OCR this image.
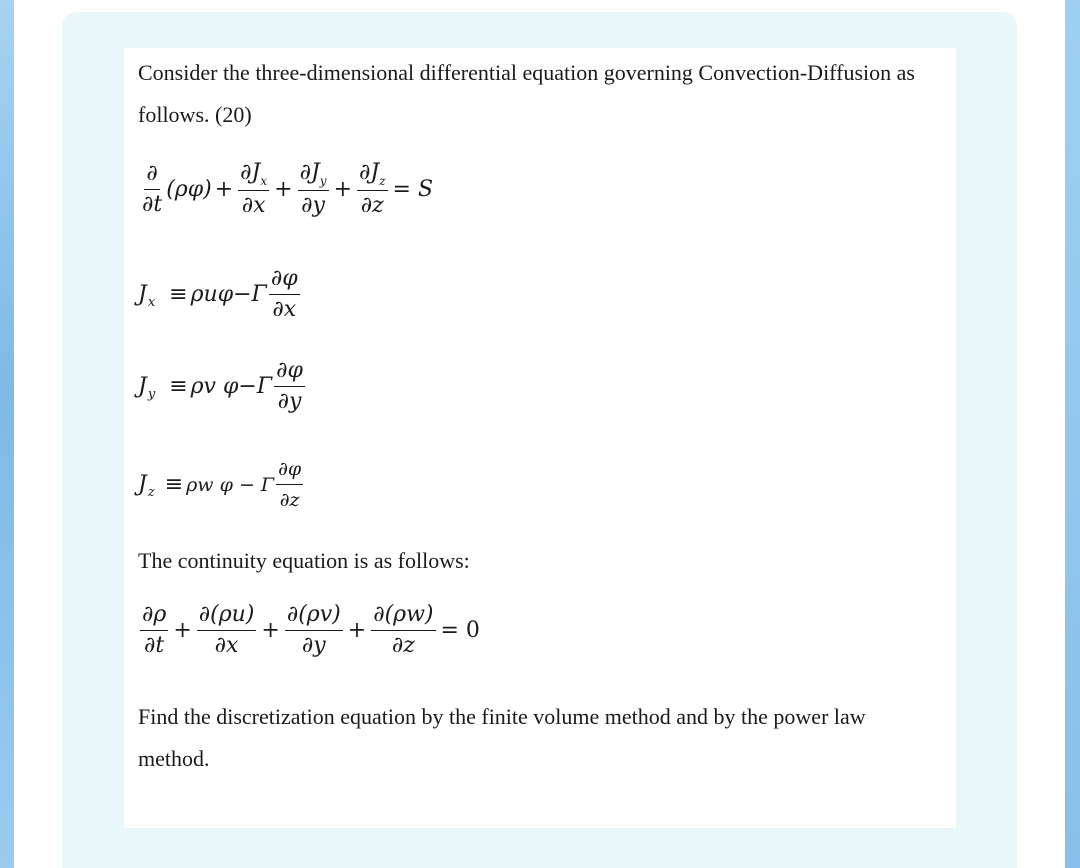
Consider the three-dimensional differential equation governing Convection-Diffusion as follows. (20)

$\frac{\partial}{\partial t} (\rho\varphi) + \frac{\partial J_x}{\partial x} + \frac{\partial J_y}{\partial y} + \frac{\partial J_z}{\partial z} = S$
J $x \equiv \rho u\varphi-\Gamma \frac{\partial\varphi}{\partial x}$
J y ≡ ρv $\varphi-\Gamma \frac{\partial\varphi}{\partial y}$
J z ≡ ρw φ − Γ $\frac{\partial\varphi}{\partial z}$

The continuity equation is as follows:

$\frac{\partial\rho}{\partial t} + \frac{\partial(\rho u)}{\partial x} + \frac{\partial(\rho v)}{\partial y} + \frac{\partial(\rho w)}{\partial z} = 0$

Find the discretization equation by the finite volume method and by the power law method.
